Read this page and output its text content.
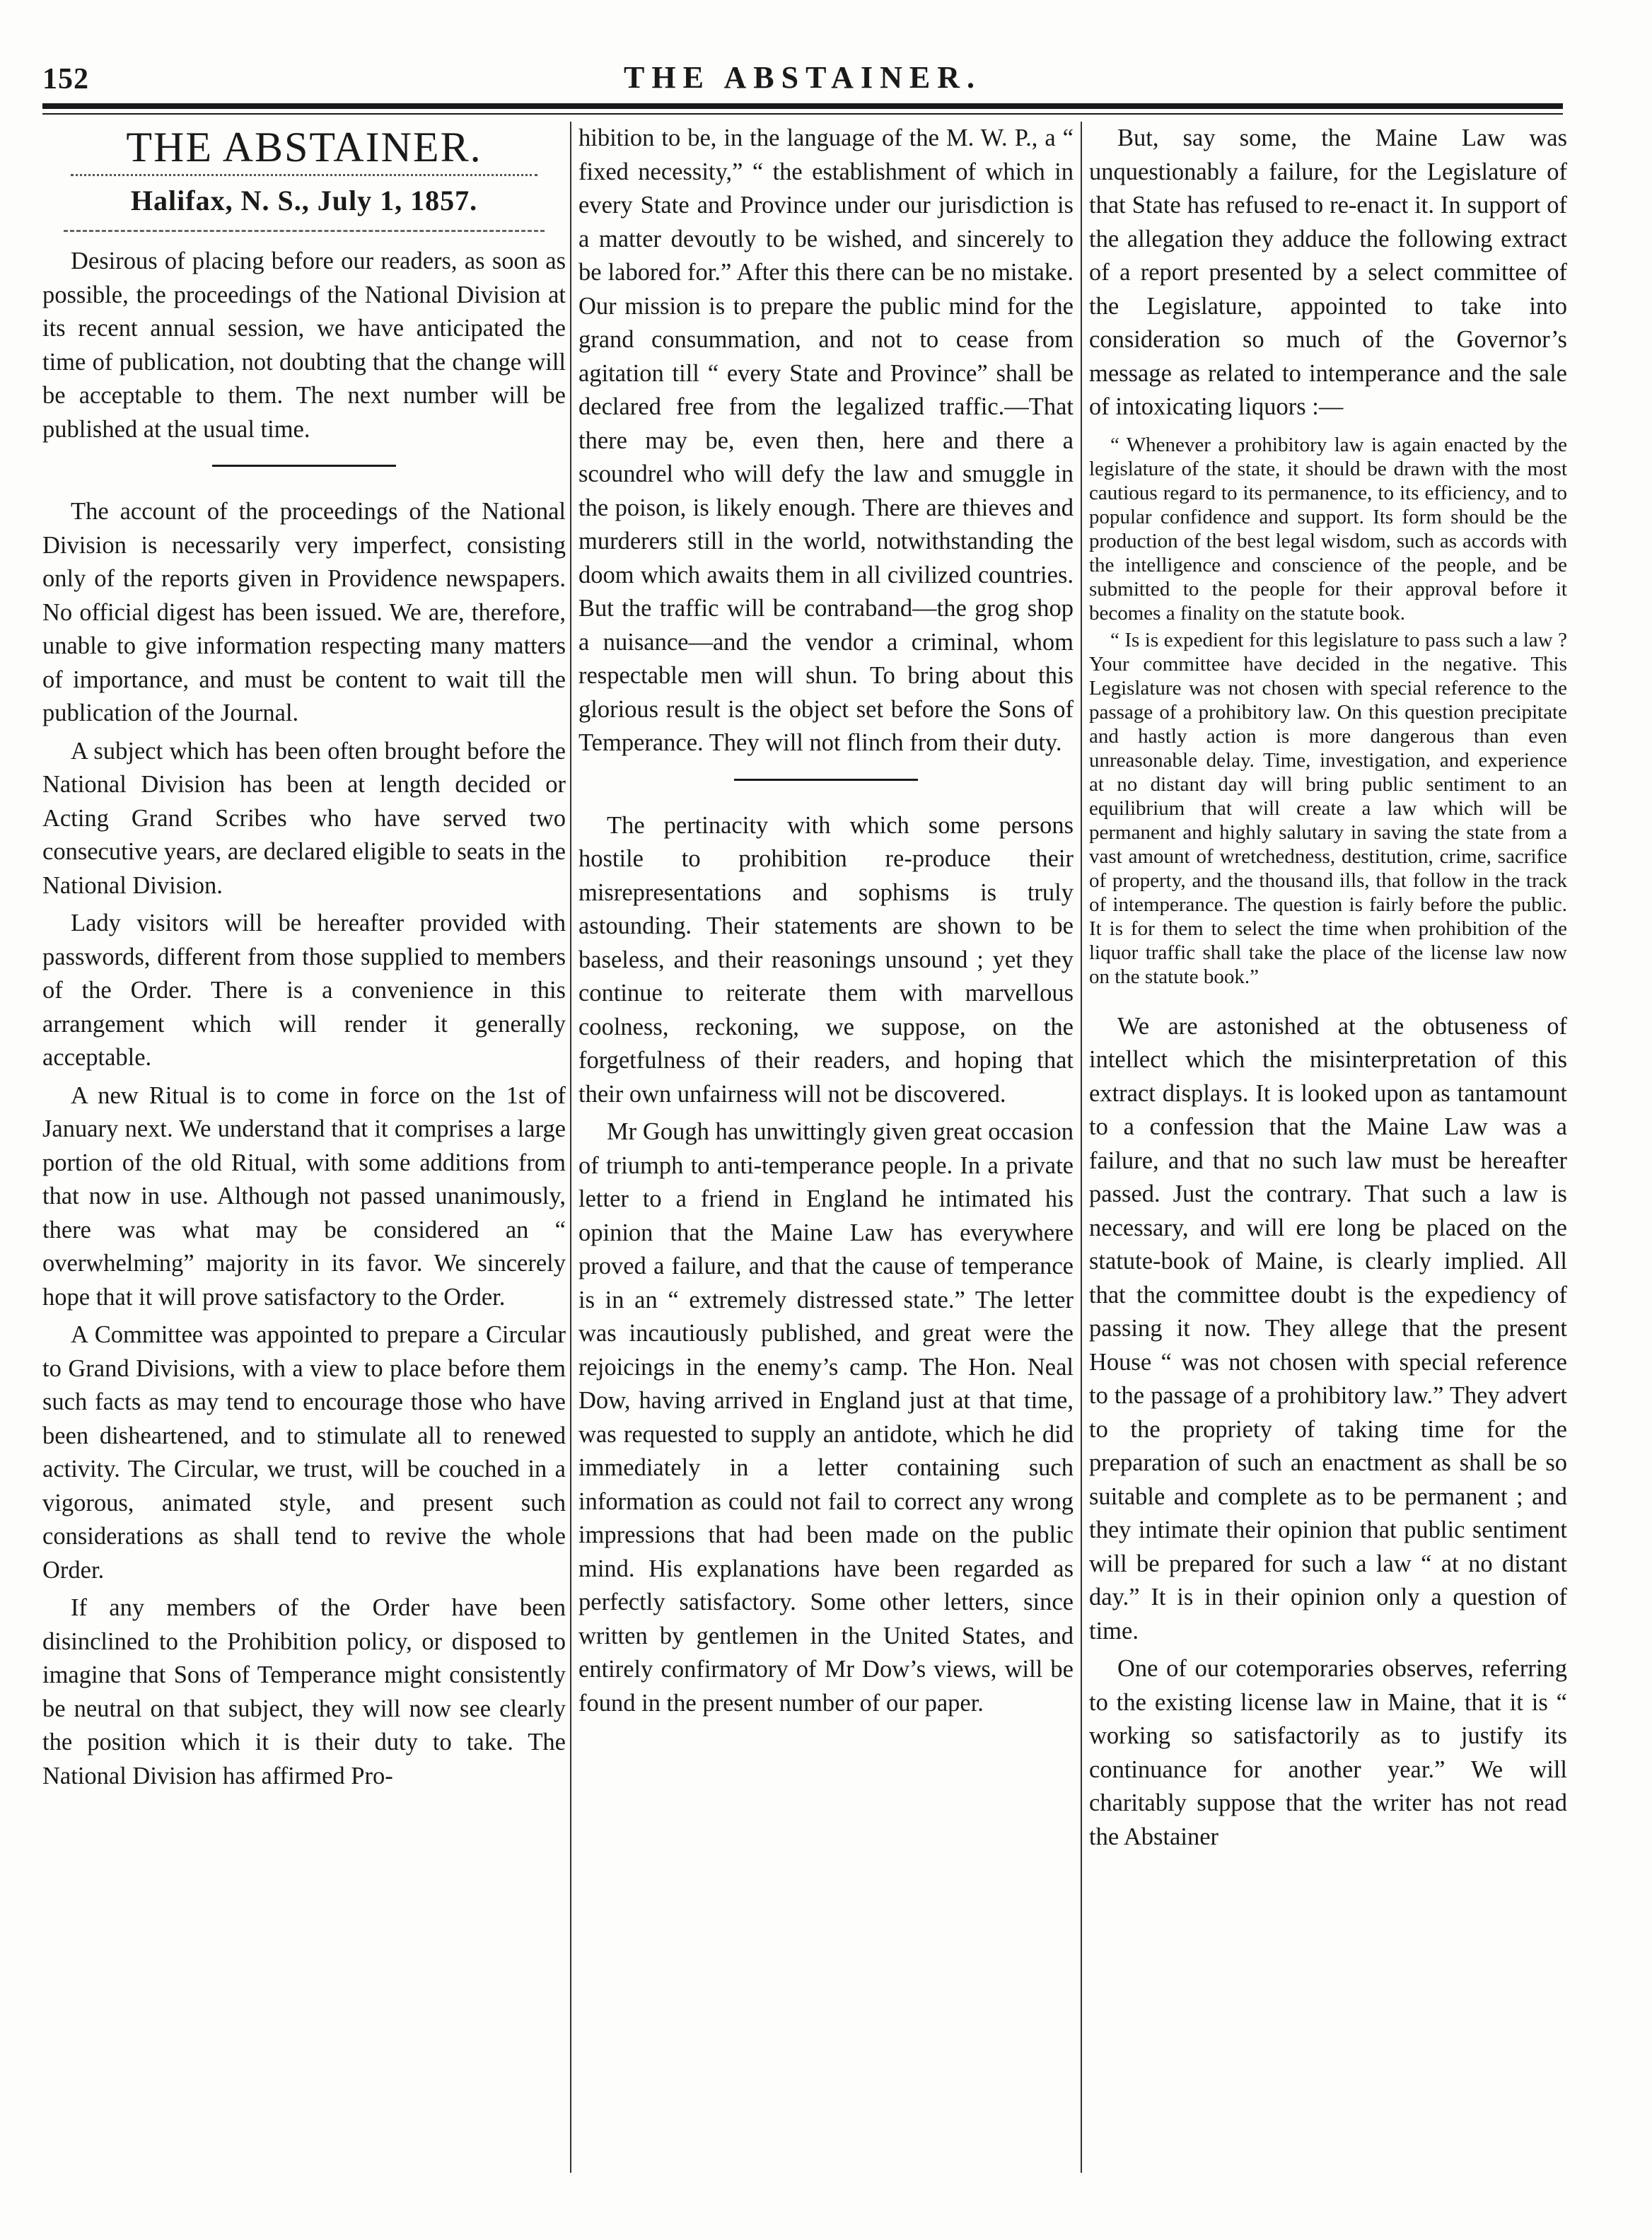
152	THE ABSTAINER.
THE ABSTAINER.
Halifax, N. S., July 1, 1857.

Desirous of placing before our readers, as soon as possible, the proceedings of the National Division at its recent annual session, we have anticipated the time of publication, not doubting that the change will be acceptable to them. The next number will be published at the usual time.

The account of the proceedings of the National Division is necessarily very imperfect, consisting only of the reports given in Providence newspapers. No official digest has been issued. We are, therefore, unable to give information respecting many matters of importance, and must be content to wait till the publication of the Journal.

A subject which has been often brought before the National Division has been at length decided or Acting Grand Scribes who have served two consecutive years, are declared eligible to seats in the National Division.

Lady visitors will be hereafter provided with passwords, different from those supplied to members of the Order. There is a convenience in this arrangement which will render it generally acceptable.

A new Ritual is to come in force on the 1st of January next. We understand that it comprises a large portion of the old Ritual, with some additions from that now in use. Although not passed unanimously, there was what may be considered an “ overwhelming” majority in its favor. We sincerely hope that it will prove satisfactory to the Order.

A Committee was appointed to prepare a Circular to Grand Divisions, with a view to place before them such facts as may tend to encourage those who have been disheartened, and to stimulate all to renewed activity. The Circular, we trust, will be couched in a vigorous, animated style, and present such considerations as shall tend to revive the whole Order.

If any members of the Order have been disinclined to the Prohibition policy, or disposed to imagine that Sons of Temperance might consistently be neutral on that subject, they will now see clearly the position which it is their duty to take. The National Division has affirmed Pro-

hibition to be, in the language of the M. W. P., a “ fixed necessity,” “ the establishment of which in every State and Province under our jurisdiction is a matter devoutly to be wished, and sincerely to be labored for.” After this there can be no mistake. Our mission is to prepare the public mind for the grand consummation, and not to cease from agitation till “ every State and Province” shall be declared free from the legalized traffic.—That there may be, even then, here and there a scoundrel who will defy the law and smuggle in the poison, is likely enough. There are thieves and murderers still in the world, notwithstanding the doom which awaits them in all civilized countries. But the traffic will be contraband—the grog shop a nuisance—and the vendor a criminal, whom respectable men will shun. To bring about this glorious result is the object set before the Sons of Temperance. They will not flinch from their duty.

The pertinacity with which some persons hostile to prohibition re-produce their misrepresentations and sophisms is truly astounding. Their statements are shown to be baseless, and their reasonings unsound ; yet they continue to reiterate them with marvellous coolness, reckoning, we suppose, on the forgetfulness of their readers, and hoping that their own unfairness will not be discovered.

Mr Gough has unwittingly given great occasion of triumph to anti-temperance people. In a private letter to a friend in England he intimated his opinion that the Maine Law has everywhere proved a failure, and that the cause of temperance is in an “ extremely distressed state.” The letter was incautiously published, and great were the rejoicings in the enemy’s camp. The Hon. Neal Dow, having arrived in England just at that time, was requested to supply an antidote, which he did immediately in a letter containing such information as could not fail to correct any wrong impressions that had been made on the public mind. His explanations have been regarded as perfectly satisfactory. Some other letters, since written by gentlemen in the United States, and entirely confirmatory of Mr Dow’s views, will be found in the present number of our paper.

But, say some, the Maine Law was unquestionably a failure, for the Legislature of that State has refused to re-enact it. In support of the allegation they adduce the following extract of a report presented by a select committee of the Legislature, appointed to take into consideration so much of the Governor’s message as related to intemperance and the sale of intoxicating liquors :—

“ Whenever a prohibitory law is again enacted by the legislature of the state, it should be drawn with the most cautious regard to its permanence, to its efficiency, and to popular confidence and support. Its form should be the production of the best legal wisdom, such as accords with the intelligence and conscience of the people, and be submitted to the people for their approval before it becomes a finality on the statute book.

“ Is is expedient for this legislature to pass such a law ? Your committee have decided in the negative. This Legislature was not chosen with special reference to the passage of a prohibitory law. On this question precipitate and hastly action is more dangerous than even unreasonable delay. Time, investigation, and experience at no distant day will bring public sentiment to an equilibrium that will create a law which will be permanent and highly salutary in saving the state from a vast amount of wretchedness, destitution, crime, sacrifice of property, and the thousand ills, that follow in the track of intemperance. The question is fairly before the public. It is for them to select the time when prohibition of the liquor traffic shall take the place of the license law now on the statute book.”

We are astonished at the obtuseness of intellect which the misinterpretation of this extract displays. It is looked upon as tantamount to a confession that the Maine Law was a failure, and that no such law must be hereafter passed. Just the contrary. That such a law is necessary, and will ere long be placed on the statute-book of Maine, is clearly implied. All that the committee doubt is the expediency of passing it now. They allege that the present House “ was not chosen with special reference to the passage of a prohibitory law.” They advert to the propriety of taking time for the preparation of such an enactment as shall be so suitable and complete as to be permanent ; and they intimate their opinion that public sentiment will be prepared for such a law “ at no distant day.” It is in their opinion only a question of time.

One of our cotemporaries observes, referring to the existing license law in Maine, that it is “ working so satisfactorily as to justify its continuance for another year.” We will charitably suppose that the writer has not read the Abstainer
